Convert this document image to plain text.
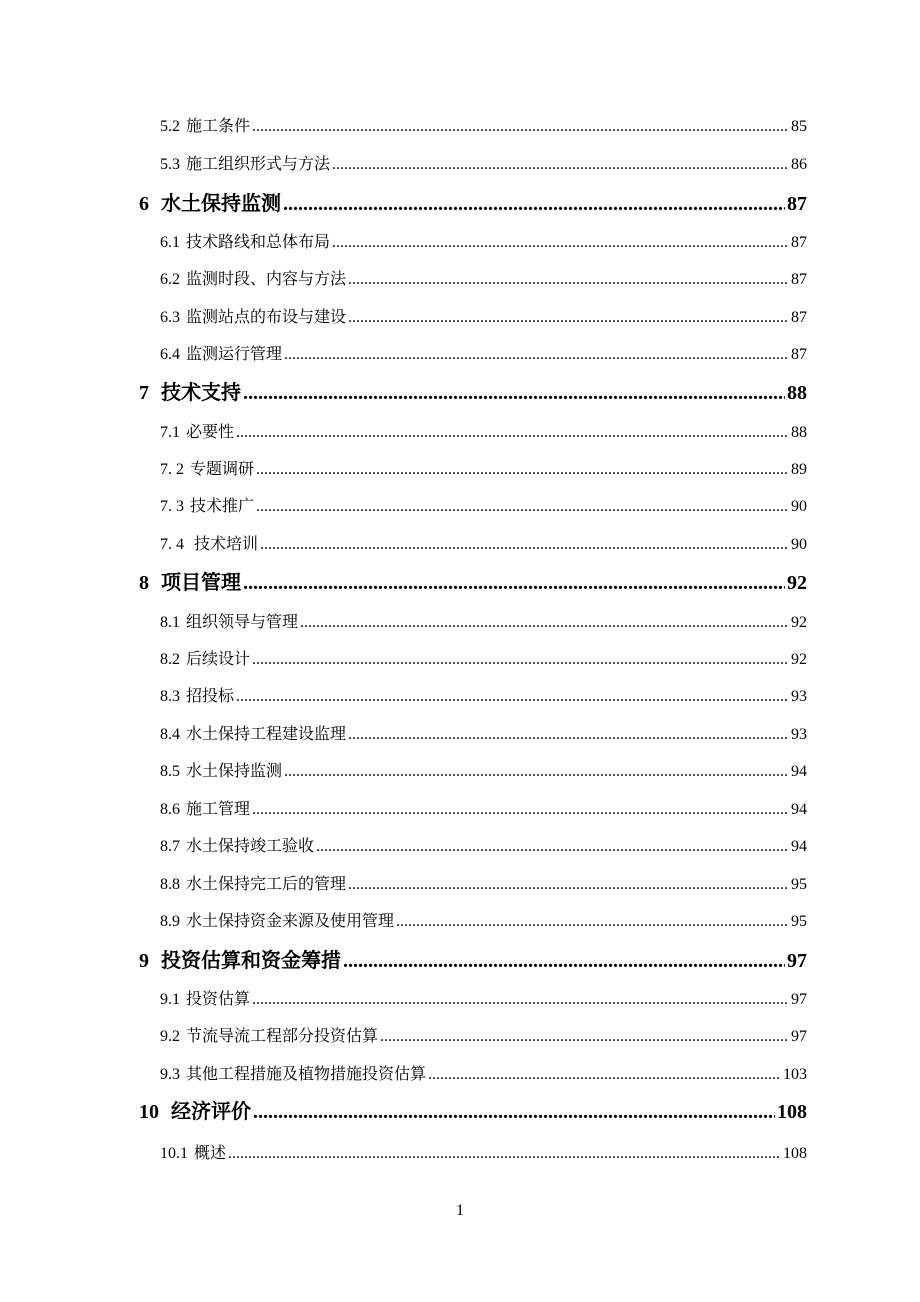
5.2 施工条件 .....	85
5.3 施工组织形式与方法 .....	86
6 水土保持监测 .....	87
6.1 技术路线和总体布局 .....	87
6.2 监测时段、内容与方法 .....	87
6.3 监测站点的布设与建设 .....	87
6.4 监测运行管理 .....	87
7 技术支持 .....	88
7.1 必要性 .....	88
7. 2 专题调研 .....	89
7. 3 技术推广 .....	90
7. 4 技术培训 .....	90
8 项目管理 .....	92
8.1 组织领导与管理 .....	92
8.2 后续设计 .....	92
8.3 招投标 .....	93
8.4 水土保持工程建设监理 .....	93
8.5 水土保持监测 .....	94
8.6 施工管理 .....	94
8.7 水土保持竣工验收 .....	94
8.8 水土保持完工后的管理 .....	95
8.9 水土保持资金来源及使用管理 .....	95
9 投资估算和资金筹措 .....	97
9.1 投资估算 .....	97
9.2 节流导流工程部分投资估算 .....	97
9.3 其他工程措施及植物措施投资估算 .....	103
10 经济评价 .....	108
10.1 概述 .....	108
1
